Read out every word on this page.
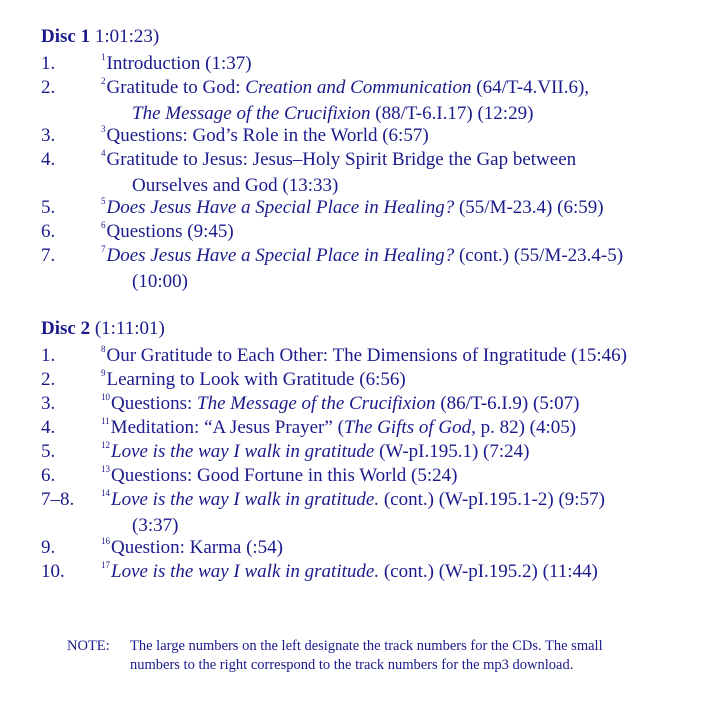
Disc 1 1:01:23)
1.	$^1$Introduction (1:37)
2.	$^2$Gratitude to God: Creation and Communication (64/T-4.VII.6),
The Message of the Crucifixion (88/T-6.I.17) (12:29)
3.	$^3$Questions: God’s Role in the World (6:57)
4.	$^4$Gratitude to Jesus: Jesus–Holy Spirit Bridge the Gap between
Ourselves and God (13:33)
5.	$^5$Does Jesus Have a Special Place in Healing? (55/M-23.4) (6:59)
6.	$^6$Questions (9:45)
7.	$^7$Does Jesus Have a Special Place in Healing? (cont.) (55/M-23.4-5)
(10:00)
Disc 2 (1:11:01)
1.	$^8$Our Gratitude to Each Other: The Dimensions of Ingratitude (15:46)
2.	$^9$Learning to Look with Gratitude (6:56)
3.	$^{10}$Questions: The Message of the Crucifixion (86/T-6.I.9) (5:07)
4.	$^{11}$Meditation: “A Jesus Prayer” (The Gifts of God, p. 82) (4:05)
5.	$^{12}$Love is the way I walk in gratitude (W-pI.195.1) (7:24)
6.	$^{13}$Questions: Good Fortune in this World (5:24)
7–8.	$^{14}$Love is the way I walk in gratitude. (cont.) (W-pI.195.1-2) (9:57)
(3:37)
9.	$^{16}$Question: Karma (:54)
10.	$^{17}$Love is the way I walk in gratitude. (cont.) (W-pI.195.2) (11:44)
NOTE: The large numbers on the left designate the track numbers for the CDs. The small
numbers to the right correspond to the track numbers for the mp3 download.
